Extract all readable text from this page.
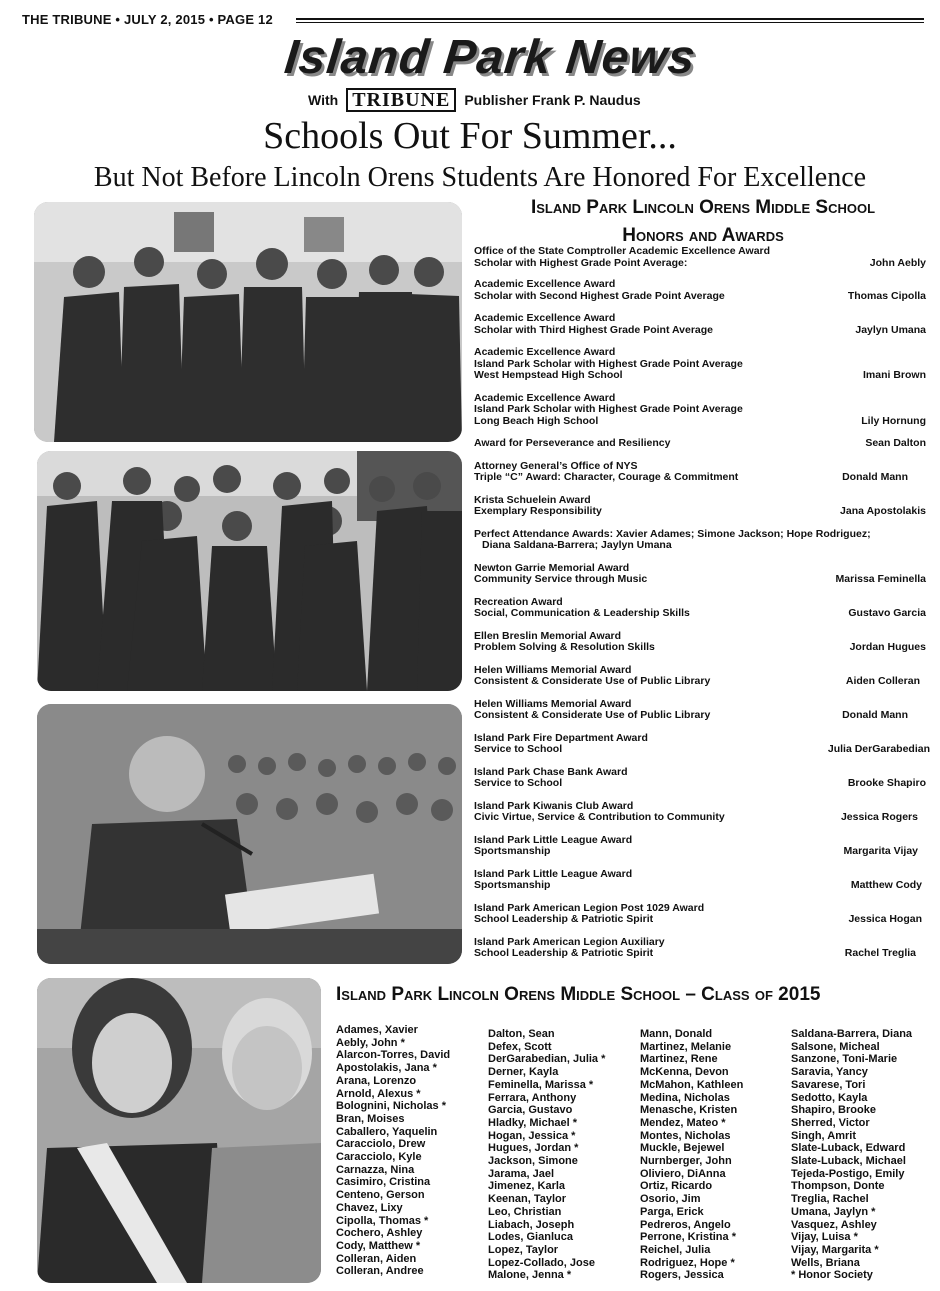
THE TRIBUNE • JULY 2, 2015 • PAGE 12
Island Park News
With TRIBUNE	Publisher Frank P. Naudus
Schools Out For Summer...
But Not Before Lincoln Orens Students Are Honored For Excellence
Island Park Lincoln Orens Middle School
Honors and Awards
Office of the State Comptroller Academic Excellence Award
Scholar with Highest Grade Point Average:	John Aebly
Academic Excellence Award
Scholar with Second Highest Grade Point Average	Thomas Cipolla
Academic Excellence Award
Scholar with Third Highest Grade Point Average	Jaylyn Umana
Academic Excellence Award
Island Park Scholar with Highest Grade Point Average
West Hempstead High School	Imani Brown
Academic Excellence Award
Island Park Scholar with Highest Grade Point Average
Long Beach High School	Lily Hornung
Award for Perseverance and Resiliency	Sean Dalton
Attorney General’s Office of NYS
Triple “C” Award: Character, Courage & Commitment	Donald Mann
Krista Schuelein Award
Exemplary Responsibility	Jana Apostolakis
Perfect Attendance Awards: Xavier Adames; Simone Jackson; Hope Rodriguez;
Diana Saldana-Barrera; Jaylyn Umana
Newton Garrie Memorial Award
Community Service through Music	Marissa Feminella
Recreation Award
Social, Communication & Leadership Skills	Gustavo Garcia
Ellen Breslin Memorial Award
Problem Solving & Resolution Skills	Jordan Hugues
Helen Williams Memorial Award
Consistent & Considerate Use of Public Library	Aiden Colleran
Helen Williams Memorial Award
Consistent & Considerate Use of Public Library	Donald Mann
Island Park Fire Department Award
Service to School	Julia DerGarabedian
Island Park Chase Bank Award
Service to School	Brooke Shapiro
Island Park Kiwanis Club Award
Civic Virtue, Service & Contribution to Community	Jessica Rogers
Island Park Little League Award
Sportsmanship	Margarita Vijay
Island Park Little League Award
Sportsmanship	Matthew Cody
Island Park American Legion Post 1029 Award
School Leadership & Patriotic Spirit	Jessica Hogan
Island Park American Legion Auxiliary
School Leadership & Patriotic Spirit	Rachel Treglia
Island Park Lincoln Orens Middle School – Class of 2015
Adames, Xavier
Aebly, John *
Alarcon-Torres, David
Apostolakis, Jana *
Arana, Lorenzo
Arnold, Alexus *
Bolognini, Nicholas *
Bran, Moises
Caballero, Yaquelin
Caracciolo, Drew
Caracciolo, Kyle
Carnazza, Nina
Casimiro, Cristina
Centeno, Gerson
Chavez, Lixy
Cipolla, Thomas *
Cochero, Ashley
Cody, Matthew *
Colleran, Aiden
Colleran, Andree
Dalton, Sean
Defex, Scott
DerGarabedian, Julia *
Derner, Kayla
Feminella, Marissa *
Ferrara, Anthony
Garcia, Gustavo
Hladky, Michael *
Hogan, Jessica *
Hugues, Jordan *
Jackson, Simone
Jarama, Jael
Jimenez, Karla
Keenan, Taylor
Leo, Christian
Liabach, Joseph
Lodes, Gianluca
Lopez, Taylor
Lopez-Collado, Jose
Malone, Jenna *
Mann, Donald
Martinez, Melanie
Martinez, Rene
McKenna, Devon
McMahon, Kathleen
Medina, Nicholas
Menasche, Kristen
Mendez, Mateo *
Montes, Nicholas
Muckle, Bejewel
Nurnberger, John
Oliviero, DiAnna
Ortiz, Ricardo
Osorio, Jim
Parga, Erick
Pedreros, Angelo
Perrone, Kristina *
Reichel, Julia
Rodriguez, Hope *
Rogers, Jessica
Saldana-Barrera, Diana
Salsone, Micheal
Sanzone, Toni-Marie
Saravia, Yancy
Savarese, Tori
Sedotto, Kayla
Shapiro, Brooke
Sherred, Victor
Singh, Amrit
Slate-Luback, Edward
Slate-Luback, Michael
Tejeda-Postigo, Emily
Thompson, Donte
Treglia, Rachel
Umana, Jaylyn *
Vasquez, Ashley
Vijay, Luisa *
Vijay, Margarita *
Wells, Briana
* Honor Society
